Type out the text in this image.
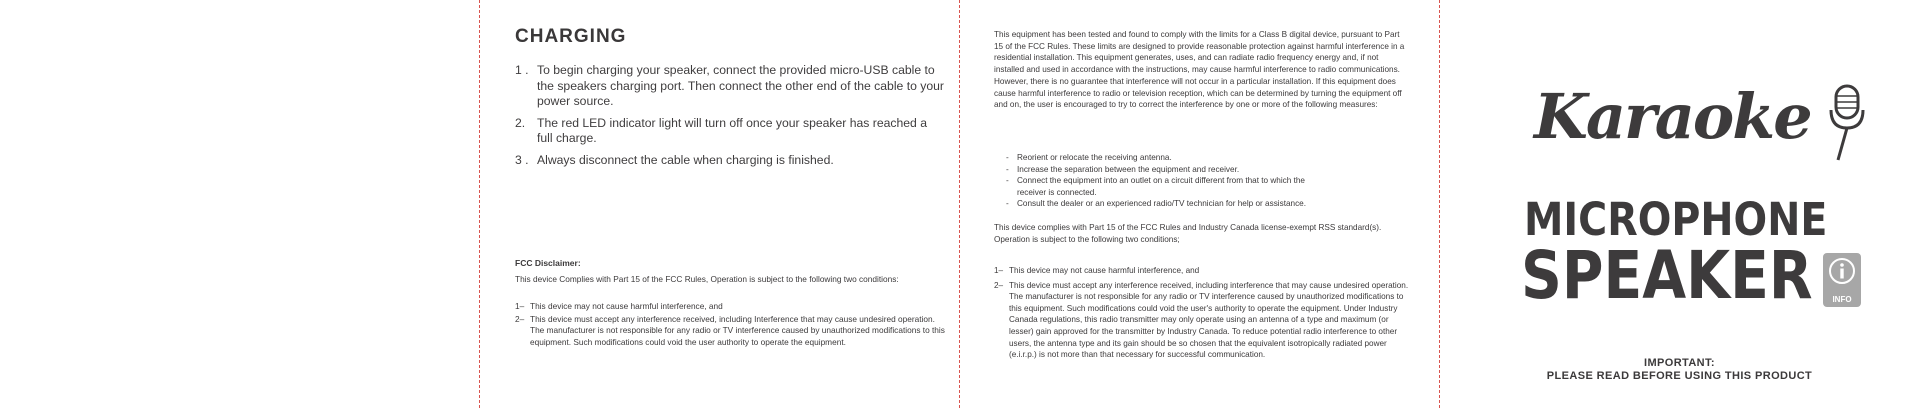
CHARGING
1 . To begin charging your speaker, connect the provided micro-USB cable to the speakers charging port. Then connect the other end of the cable to your power source.
2. The red LED indicator light will turn off once your speaker has reached a full charge.
3 . Always disconnect the cable when charging is finished.

FCC Disclaimer:

This device Complies with Part 15 of the FCC Rules, Operation is subject to the following two conditions:

1– This device may not cause harmful interference, and
2– This device must accept any interference received, including Interference that may cause undesired operation. The manufacturer is not responsible for any radio or TV interference caused by unauthorized modifications to this equipment. Such modifications could void the user authority to operate the equipment.

This equipment has been tested and found to comply with the limits for a Class B digital device, pursuant to Part 15 of the FCC Rules. These limits are designed to provide reasonable protection against harmful interference in a residential installation. This equipment generates, uses, and can radiate radio frequency energy and, if not installed and used in accordance with the instructions, may cause harmful interference to radio communications. However, there is no guarantee that interference will not occur in a particular installation. If this equipment does cause harmful interference to radio or television reception, which can be determined by turning the equipment off and on, the user is encouraged to try to correct the interference by one or more of the following measures:

- Reorient or relocate the receiving antenna.
- Increase the separation between the equipment and receiver.
- Connect the equipment into an outlet on a circuit different from that to which the receiver is connected.
- Consult the dealer or an experienced radio/TV technician for help or assistance.

This device complies with Part 15 of the FCC Rules and Industry Canada license-exempt RSS standard(s). Operation is subject to the following two conditions;

1– This device may not cause harmful interference, and
2– This device must accept any interference received, including interference that may cause undesired operation. The manufacturer is not responsible for any radio or TV interference caused by unauthorized modifications to this equipment. Such modifications could void the user's authority to operate the equipment. Under Industry Canada regulations, this radio transmitter may only operate using an antenna of a type and maximum (or lesser) gain approved for the transmitter by Industry Canada. To reduce potential radio interference to other users, the antenna type and its gain should be so chosen that the equivalent isotropically radiated power (e.i.r.p.) is not more than that necessary for successful communication.

Karaoke

MICROPHONE

SPEAKER	INFO

IMPORTANT:
PLEASE READ BEFORE USING THIS PRODUCT
